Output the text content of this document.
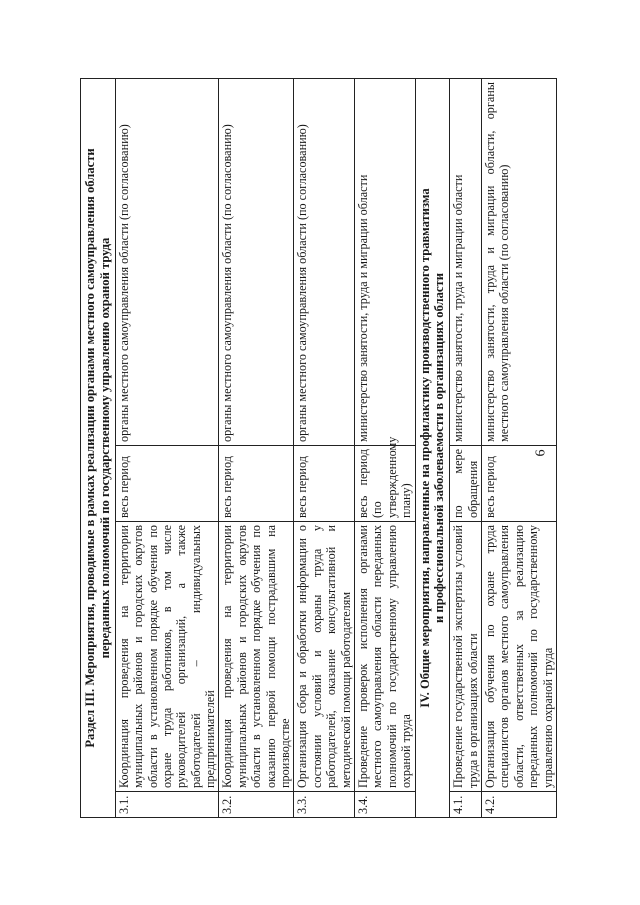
6
Раздел III. Мероприятия, проводимые в рамках реализации органами местного самоуправления области переданных полномочий по государственному управлению охраной труда			

3.1.	Координация проведения на территории муниципальных районов и городских округов области в установленном порядке обучения по охране труда работников, в том числе руководителей организаций, а также работодателей – индивидуальных предпринимателей	весь период	органы местного самоуправления области (по согласованию)
3.2.	Координация проведения на территории муниципальных районов и городских округов области в установленном порядке обучения по оказанию первой помощи пострадавшим на производстве	весь период	органы местного самоуправления области (по согласованию)
3.3.	Организация сбора и обработки информации о состоянии условий и охраны труда у работодателей, оказание консультативной и методической помощи работодателям	весь период	органы местного самоуправления области (по согласованию)
3.4.	Проведение проверок исполнения органами местного самоуправления области переданных полномочий по государственному управлению охраной труда	весь период (по утвержденному плану)	министерство занятости, труда и миграции области

IV. Общие мероприятия, направленные на профилактику производственного травматизма и профессиональной заболеваемости в организациях области			

4.1.	Проведение государственной экспертизы условий труда в организациях области	по мере обращения	министерство занятости, труда и миграции области
4.2.	Организация обучения по охране труда специалистов органов местного самоуправления области, ответственных за реализацию переданных полномочий по государственному управлению охраной труда	весь период	министерство занятости, труда и миграции области, органы местного самоуправления области (по согласованию)
